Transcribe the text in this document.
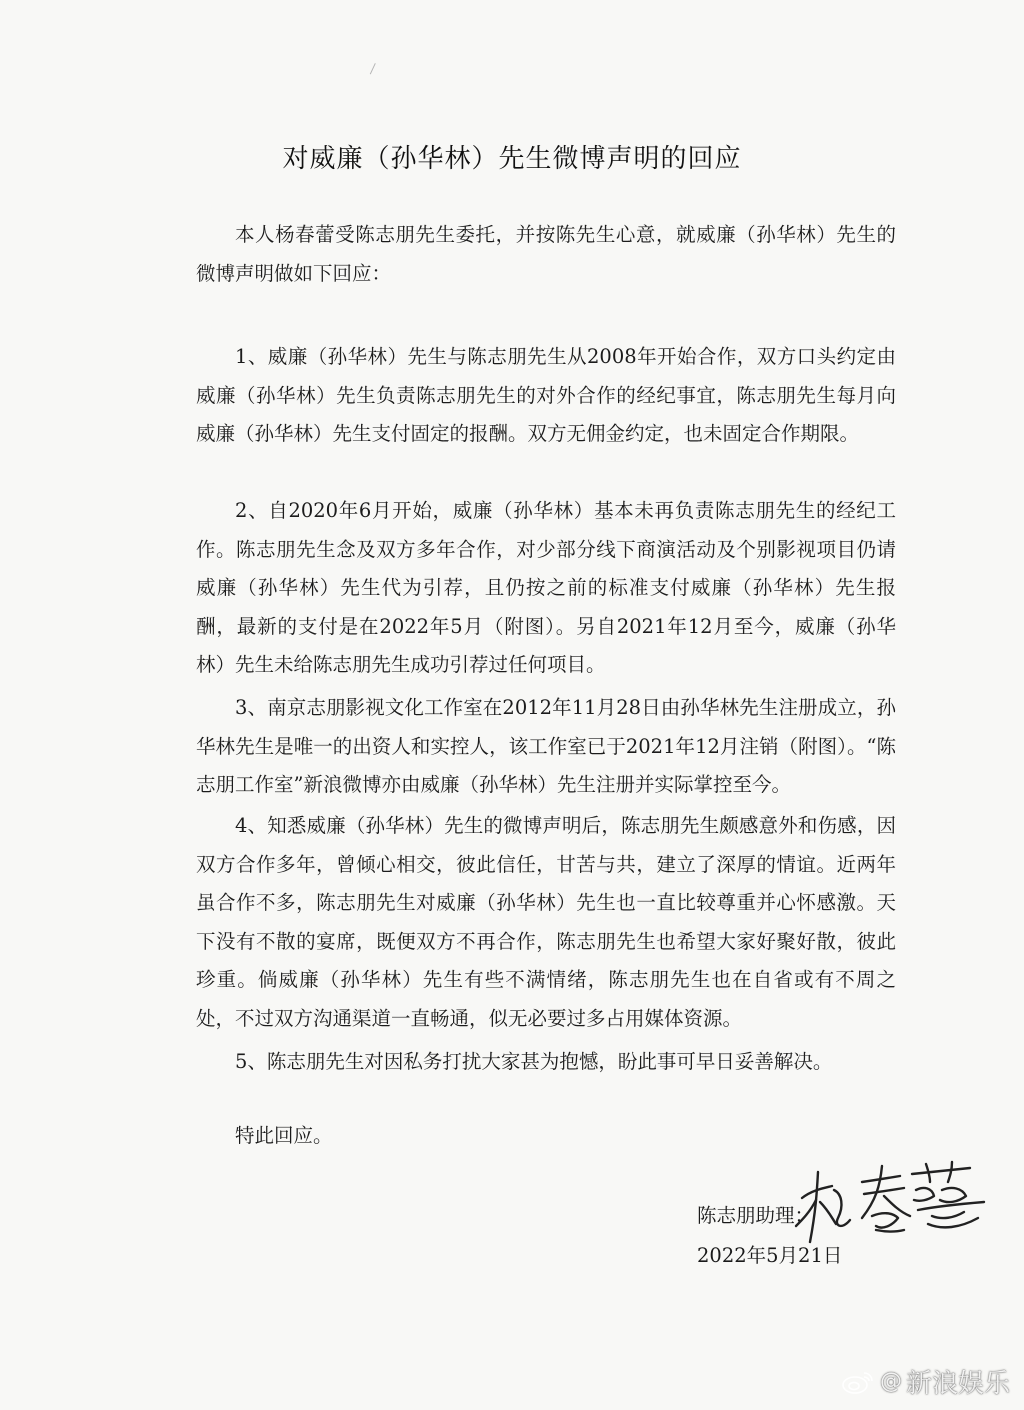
对威廉（孙华林）先生微博声明的回应
本人杨春蕾受陈志朋先生委托，并按陈先生心意，就威廉（孙华林）先生的微博声明做如下回应：
1、威廉（孙华林）先生与陈志朋先生从2008年开始合作，双方口头约定由威廉（孙华林）先生负责陈志朋先生的对外合作的经纪事宜，陈志朋先生每月向威廉（孙华林）先生支付固定的报酬。双方无佣金约定，也未固定合作期限。
2、自2020年6月开始，威廉（孙华林）基本未再负责陈志朋先生的经纪工作。陈志朋先生念及双方多年合作，对少部分线下商演活动及个别影视项目仍请威廉（孙华林）先生代为引荐，且仍按之前的标准支付威廉（孙华林）先生报酬，最新的支付是在2022年5月（附图）。另自2021年12月至今，威廉（孙华林）先生未给陈志朋先生成功引荐过任何项目。
3、南京志朋影视文化工作室在2012年11月28日由孙华林先生注册成立，孙华林先生是唯一的出资人和实控人，该工作室已于2021年12月注销（附图）。“陈志朋工作室”新浪微博亦由威廉（孙华林）先生注册并实际掌控至今。
4、知悉威廉（孙华林）先生的微博声明后，陈志朋先生颇感意外和伤感，因双方合作多年，曾倾心相交，彼此信任，甘苦与共，建立了深厚的情谊。近两年虽合作不多，陈志朋先生对威廉（孙华林）先生也一直比较尊重并心怀感激。天下没有不散的宴席，既便双方不再合作，陈志朋先生也希望大家好聚好散，彼此珍重。倘威廉（孙华林）先生有些不满情绪，陈志朋先生也在自省或有不周之处，不过双方沟通渠道一直畅通，似无必要过多占用媒体资源。
5、陈志朋先生对因私务打扰大家甚为抱憾，盼此事可早日妥善解决。
特此回应。
陈志朋助理：
2022年5月21日
@ 新浪娱乐
